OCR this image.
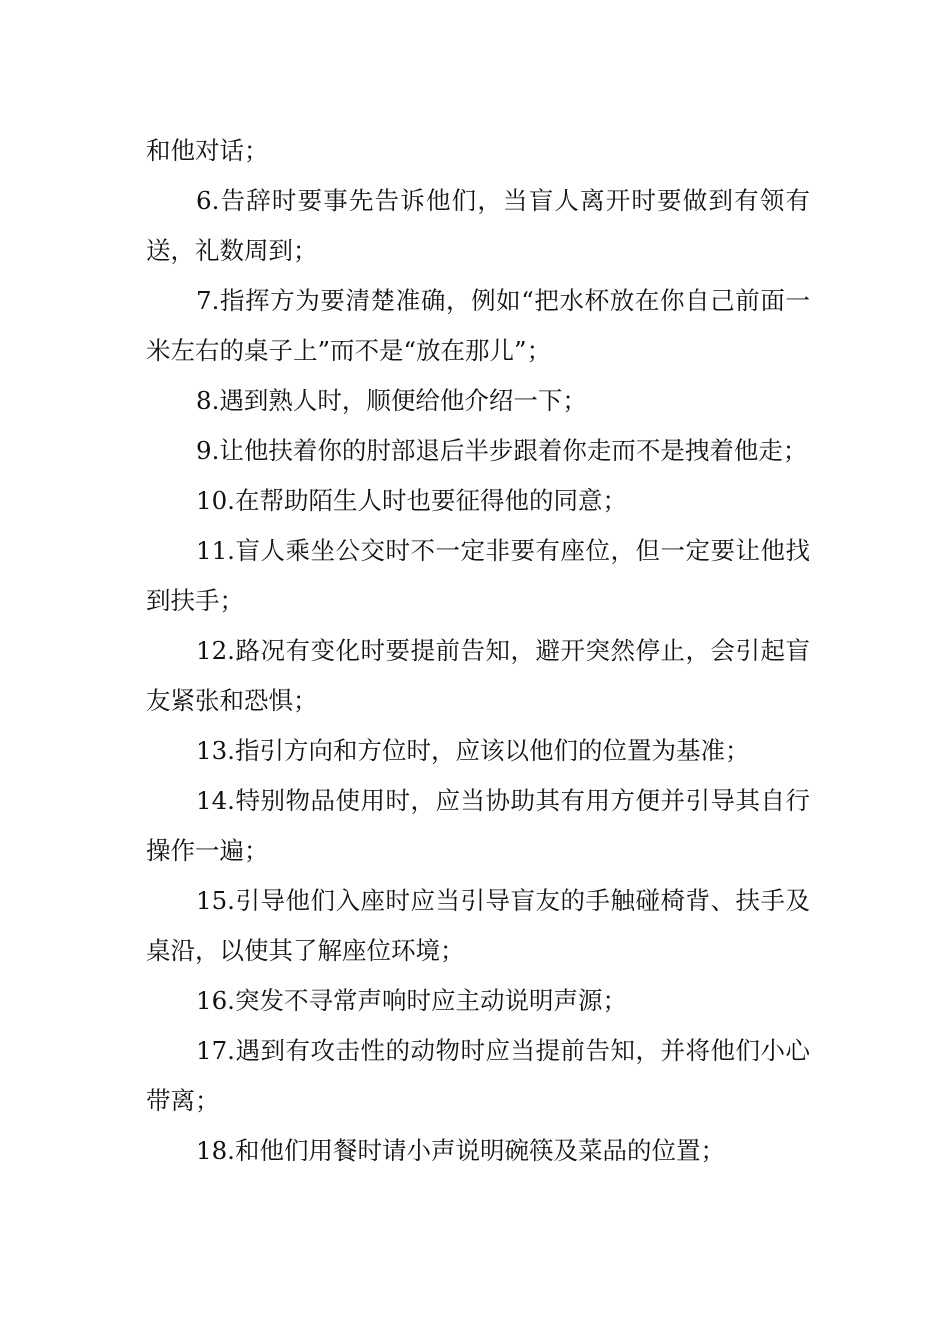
和他对话；

6.告辞时要事先告诉他们，当盲人离开时要做到有领有送，礼数周到；

7.指挥方为要清楚准确，例如“把水杯放在你自己前面一米左右的桌子上”而不是“放在那儿”；

8.遇到熟人时，顺便给他介绍一下；

9.让他扶着你的肘部退后半步跟着你走而不是拽着他走；

10.在帮助陌生人时也要征得他的同意；

11.盲人乘坐公交时不一定非要有座位，但一定要让他找到扶手；

12.路况有变化时要提前告知，避开突然停止，会引起盲友紧张和恐惧；

13.指引方向和方位时，应该以他们的位置为基准；

14.特别物品使用时，应当协助其有用方便并引导其自行操作一遍；

15.引导他们入座时应当引导盲友的手触碰椅背、扶手及桌沿，以使其了解座位环境；

16.突发不寻常声响时应主动说明声源；

17.遇到有攻击性的动物时应当提前告知，并将他们小心带离；

18.和他们用餐时请小声说明碗筷及菜品的位置；
